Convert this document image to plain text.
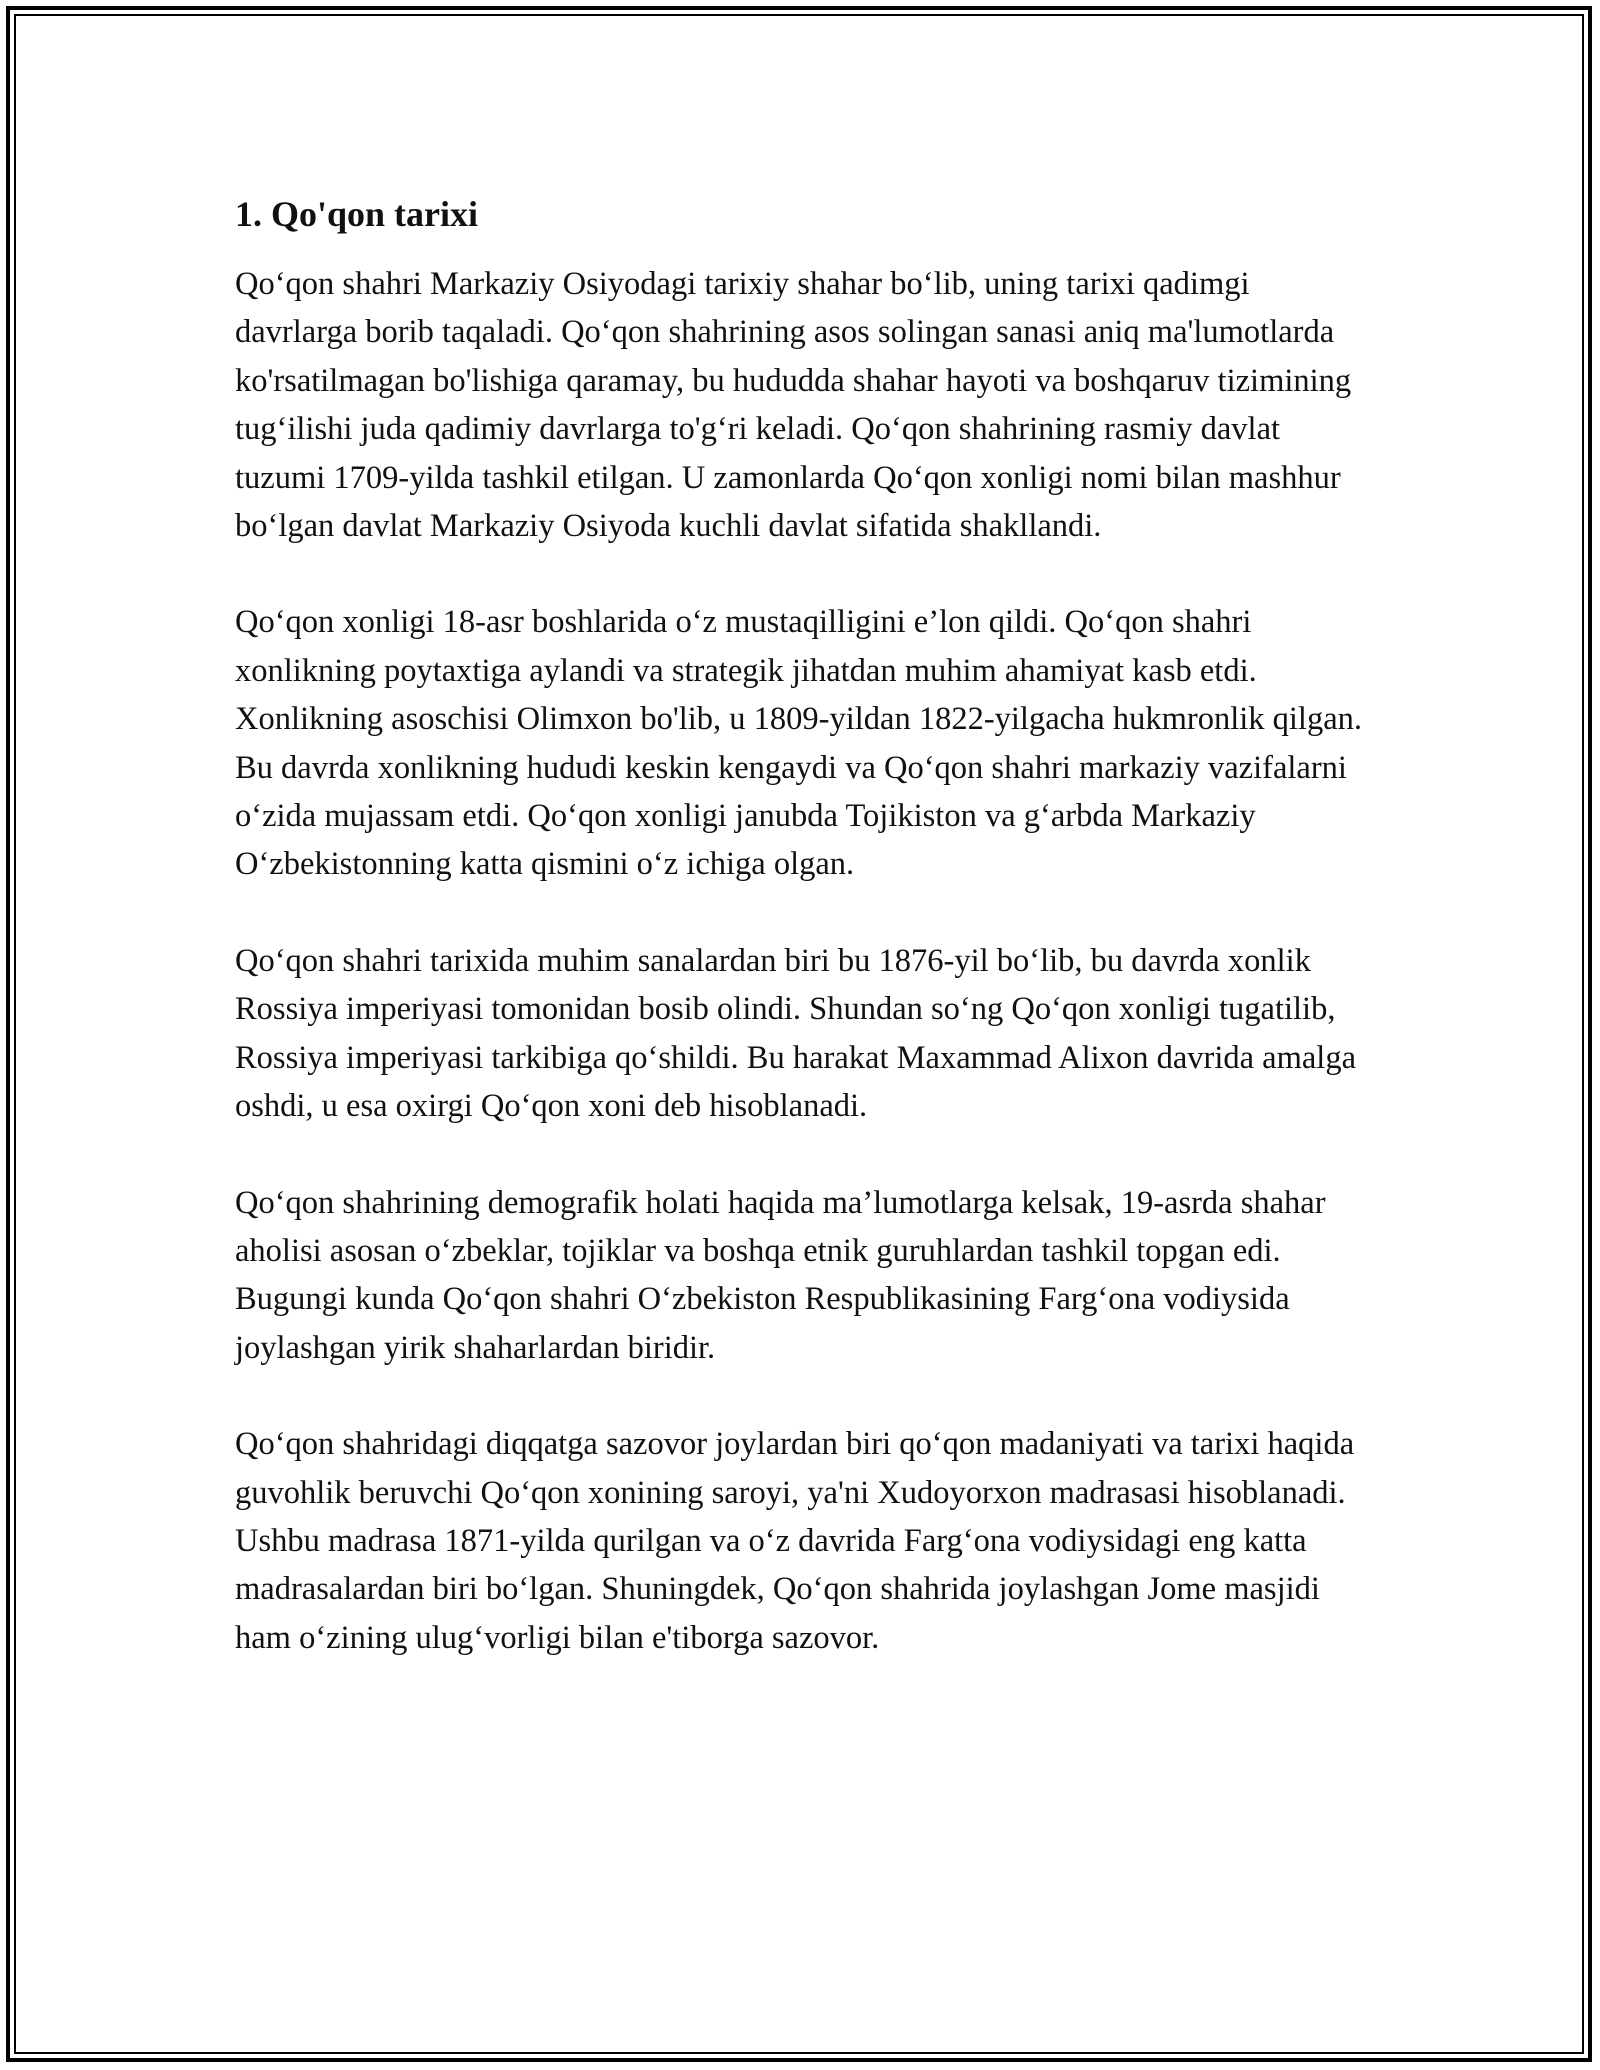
1. Qo'qon tarixi

Qo‘qon shahri Markaziy Osiyodagi tarixiy shahar bo‘lib, uning tarixi qadimgi davrlarga borib taqaladi. Qo‘qon shahrining asos solingan sanasi aniq ma'lumotlarda ko'rsatilmagan bo'lishiga qaramay, bu hududda shahar hayoti va boshqaruv tizimining tug‘ilishi juda qadimiy davrlarga to'g‘ri keladi. Qo‘qon shahrining rasmiy davlat tuzumi 1709-yilda tashkil etilgan. U zamonlarda Qo‘qon xonligi nomi bilan mashhur bo‘lgan davlat Markaziy Osiyoda kuchli davlat sifatida shakllandi.

Qo‘qon xonligi 18-asr boshlarida o‘z mustaqilligini e’lon qildi. Qo‘qon shahri xonlikning poytaxtiga aylandi va strategik jihatdan muhim ahamiyat kasb etdi. Xonlikning asoschisi Olimxon bo'lib, u 1809-yildan 1822-yilgacha hukmronlik qilgan. Bu davrda xonlikning hududi keskin kengaydi va Qo‘qon shahri markaziy vazifalarni o‘zida mujassam etdi. Qo‘qon xonligi janubda Tojikiston va g‘arbda Markaziy O‘zbekistonning katta qismini o‘z ichiga olgan.

Qo‘qon shahri tarixida muhim sanalardan biri bu 1876-yil bo‘lib, bu davrda xonlik Rossiya imperiyasi tomonidan bosib olindi. Shundan so‘ng Qo‘qon xonligi tugatilib, Rossiya imperiyasi tarkibiga qo‘shildi. Bu harakat Maxammad Alixon davrida amalga oshdi, u esa oxirgi Qo‘qon xoni deb hisoblanadi.

Qo‘qon shahrining demografik holati haqida ma’lumotlarga kelsak, 19-asrda shahar aholisi asosan o‘zbeklar, tojiklar va boshqa etnik guruhlardan tashkil topgan edi. Bugungi kunda Qo‘qon shahri O‘zbekiston Respublikasining Farg‘ona vodiysida joylashgan yirik shaharlardan biridir.

Qo‘qon shahridagi diqqatga sazovor joylardan biri qo‘qon madaniyati va tarixi haqida guvohlik beruvchi Qo‘qon xonining saroyi, ya'ni Xudoyorxon madrasasi hisoblanadi. Ushbu madrasa 1871-yilda qurilgan va o‘z davrida Farg‘ona vodiysidagi eng katta madrasalardan biri bo‘lgan. Shuningdek, Qo‘qon shahrida joylashgan Jome masjidi ham o‘zining ulug‘vorligi bilan e'tiborga sazovor.
